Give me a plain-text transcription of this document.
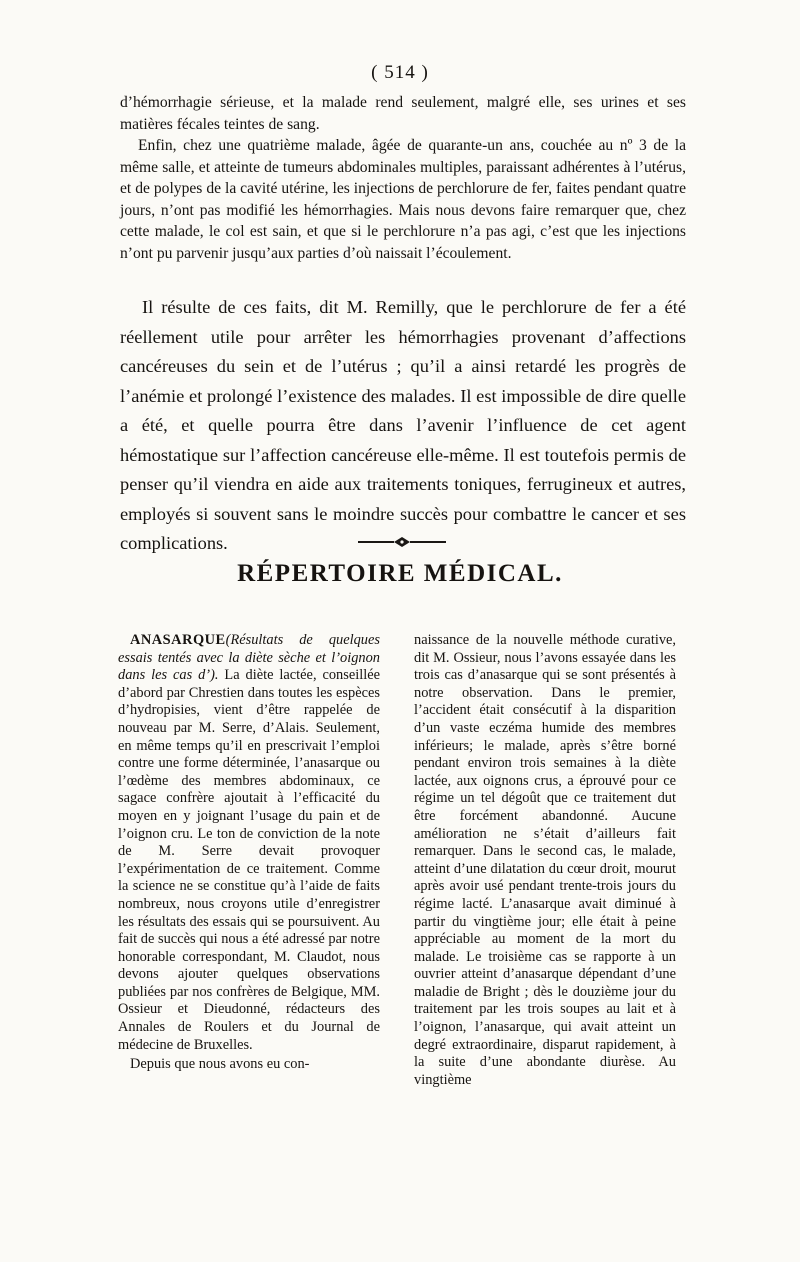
( 514 )

d’hémorrhagie sérieuse, et la malade rend seulement, malgré elle, ses urines et ses matières fécales teintes de sang.

Enfin, chez une quatrième malade, âgée de quarante-un ans, couchée au nº 3 de la même salle, et atteinte de tumeurs abdominales multiples, paraissant adhérentes à l’utérus, et de polypes de la cavité utérine, les injections de perchlorure de fer, faites pendant quatre jours, n’ont pas modifié les hémorrhagies. Mais nous devons faire remarquer que, chez cette malade, le col est sain, et que si le perchlorure n’a pas agi, c’est que les injections n’ont pu parvenir jusqu’aux parties d’où naissait l’écoulement.

Il résulte de ces faits, dit M. Remilly, que le perchlorure de fer a été réellement utile pour arrêter les hémorrhagies provenant d’affections cancéreuses du sein et de l’utérus ; qu’il a ainsi retardé les progrès de l’anémie et prolongé l’existence des malades. Il est impossible de dire quelle a été, et quelle pourra être dans l’avenir l’influence de cet agent hémostatique sur l’affection cancéreuse elle-même. Il est toutefois permis de penser qu’il viendra en aide aux traitements toniques, ferrugineux et autres, employés si souvent sans le moindre succès pour combattre le cancer et ses complications.

RÉPERTOIRE MÉDICAL.
ANASARQUE(Résultats de quelques essais tentés avec la diète sèche et l’oignon dans les cas d’). La diète lactée, conseillée d’abord par Chrestien dans toutes les espèces d’hydropisies, vient d’être rappelée de nouveau par M. Serre, d’Alais. Seulement, en même temps qu’il en prescrivait l’emploi contre une forme déterminée, l’anasarque ou l’œdème des membres abdominaux, ce sagace confrère ajoutait à l’efficacité du moyen en y joignant l’usage du pain et de l’oignon cru. Le ton de conviction de la note de M. Serre devait provoquer l’expérimentation de ce traitement. Comme la science ne se constitue qu’à l’aide de faits nombreux, nous croyons utile d’enregistrer les résultats des essais qui se poursuivent. Au fait de succès qui nous a été adressé par notre honorable correspondant, M. Claudot, nous devons ajouter quelques observations publiées par nos confrères de Belgique, MM. Ossieur et Dieudonné, rédacteurs des Annales de Roulers et du Journal de médecine de Bruxelles.
Depuis que nous avons eu con-
naissance de la nouvelle méthode curative, dit M. Ossieur, nous l’avons essayée dans les trois cas d’anasarque qui se sont présentés à notre observation. Dans le premier, l’accident était consécutif à la disparition d’un vaste eczéma humide des membres inférieurs; le malade, après s’être borné pendant environ trois semaines à la diète lactée, aux oignons crus, a éprouvé pour ce régime un tel dégoût que ce traitement dut être forcément abandonné. Aucune amélioration ne s’était d’ailleurs fait remarquer. Dans le second cas, le malade, atteint d’une dilatation du cœur droit, mourut après avoir usé pendant trente-trois jours du régime lacté. L’anasarque avait diminué à partir du vingtième jour; elle était à peine appréciable au moment de la mort du malade. Le troisième cas se rapporte à un ouvrier atteint d’anasarque dépendant d’une maladie de Bright ; dès le douzième jour du traitement par les trois soupes au lait et à l’oignon, l’anasarque, qui avait atteint un degré extraordinaire, disparut rapidement, à la suite d’une abondante diurèse. Au vingtième
